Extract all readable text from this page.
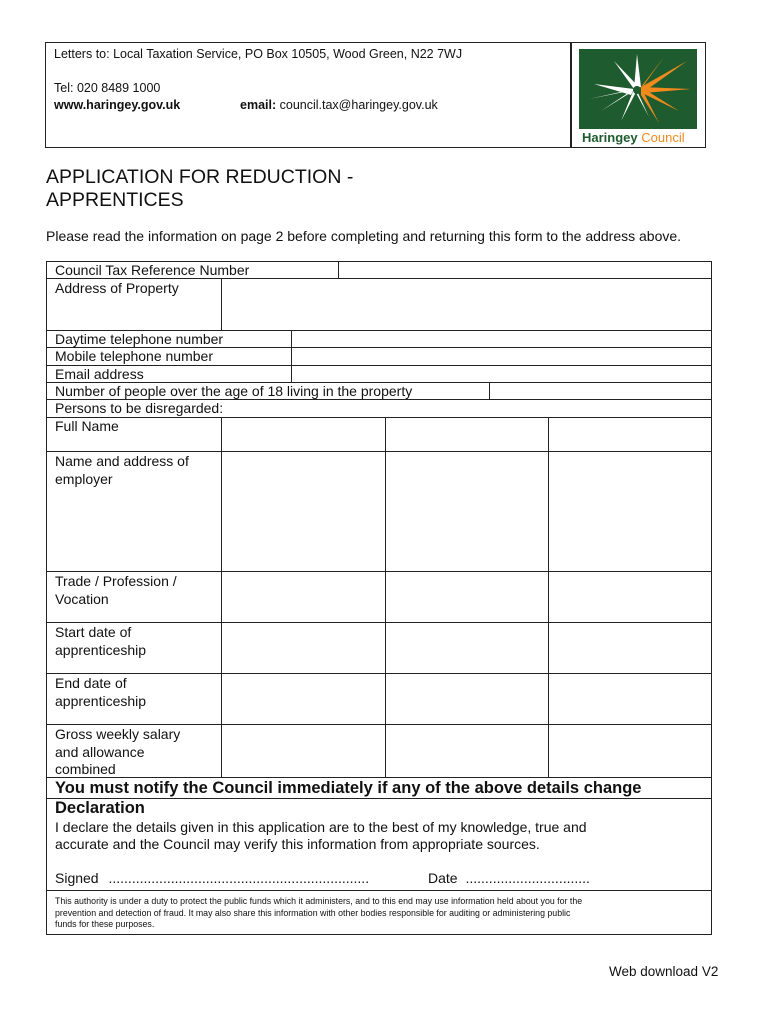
Letters to: Local Taxation Service, PO Box 10505, Wood Green, N22 7WJ
Tel: 020 8489 1000
www.haringey.gov.uk	email: council.tax@haringey.gov.uk
Haringey Council
APPLICATION FOR REDUCTION -
APPRENTICES
Please read the information on page 2 before completing and returning this form to the address above.
Council Tax Reference Number
Address of Property
Daytime telephone number
Mobile telephone number
Email address
Number of people over the age of 18 living in the property
Persons to be disregarded:
Full Name
Name and address of
employer
Trade / Profession /
Vocation
Start date of
apprenticeship
End date of
apprenticeship
Gross weekly salary
and allowance
combined
You must notify the Council immediately if any of the above details change
Declaration
I declare the details given in this application are to the best of my knowledge, true and
accurate and the Council may verify this information from appropriate sources.
Signed ...................................................................	Date ................................
This authority is under a duty to protect the public funds which it administers, and to this end may use information held about you for the
prevention and detection of fraud. It may also share this information with other bodies responsible for auditing or administering public
funds for these purposes.
Web download V2
